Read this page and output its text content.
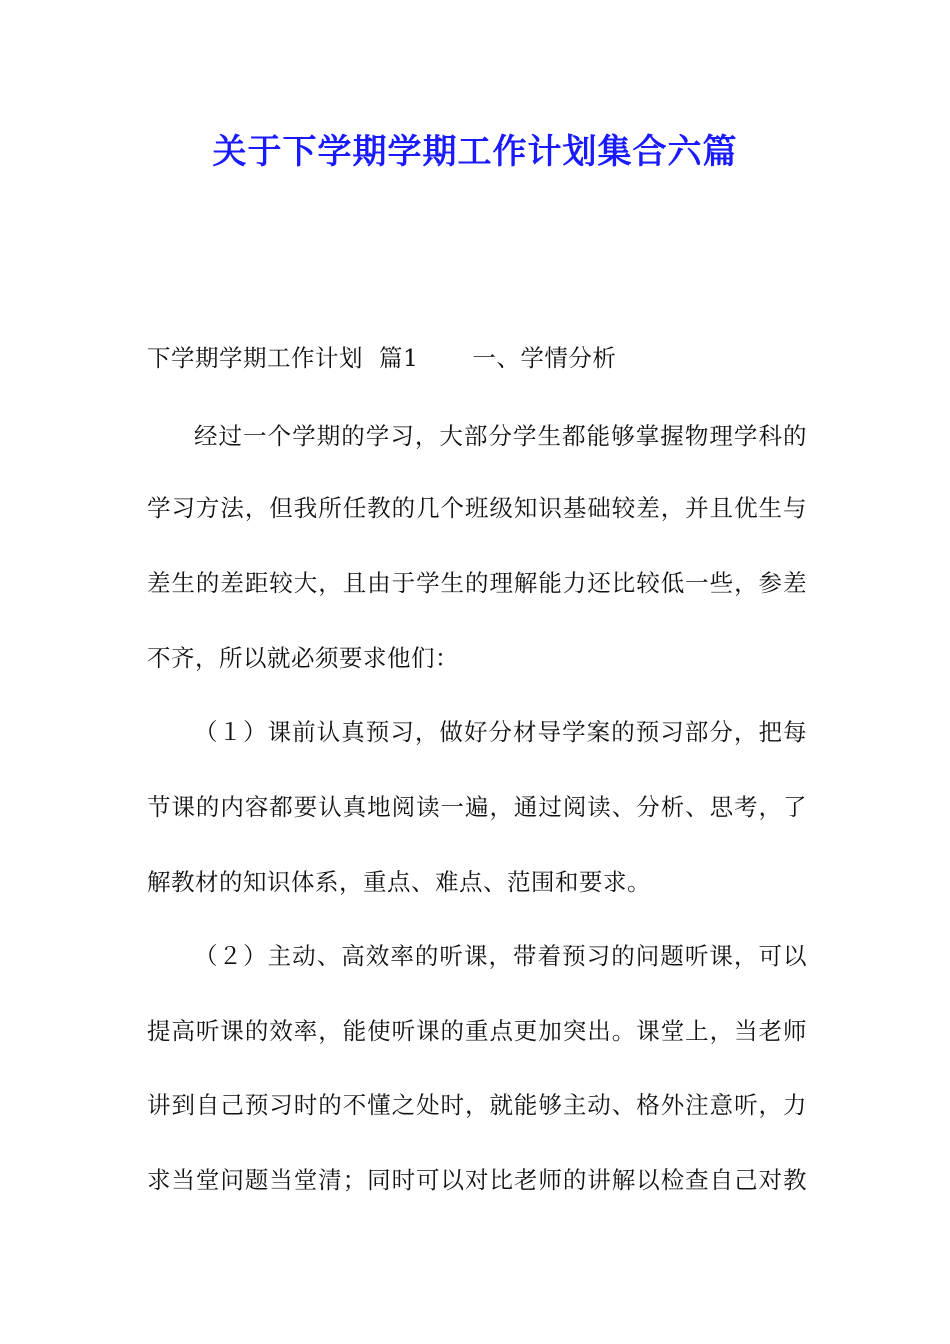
关于下学期学期工作计划集合六篇
下学期学期工作计划  篇1 一、学情分析
经过一个学期的学习，大部分学生都能够掌握物理学科的
学习方法，但我所任教的几个班级知识基础较差，并且优生与
差生的差距较大，且由于学生的理解能力还比较低一些，参差
不齐，所以就必须要求他们：
（１）课前认真预习，做好分材导学案的预习部分，把每
节课的内容都要认真地阅读一遍，通过阅读、分析、思考，了
解教材的知识体系，重点、难点、范围和要求。
（２）主动、高效率的听课，带着预习的问题听课，可以
提高听课的效率，能使听课的重点更加突出。课堂上，当老师
讲到自己预习时的不懂之处时，就能够主动、格外注意听，力
求当堂问题当堂清；同时可以对比老师的讲解以检查自己对教
